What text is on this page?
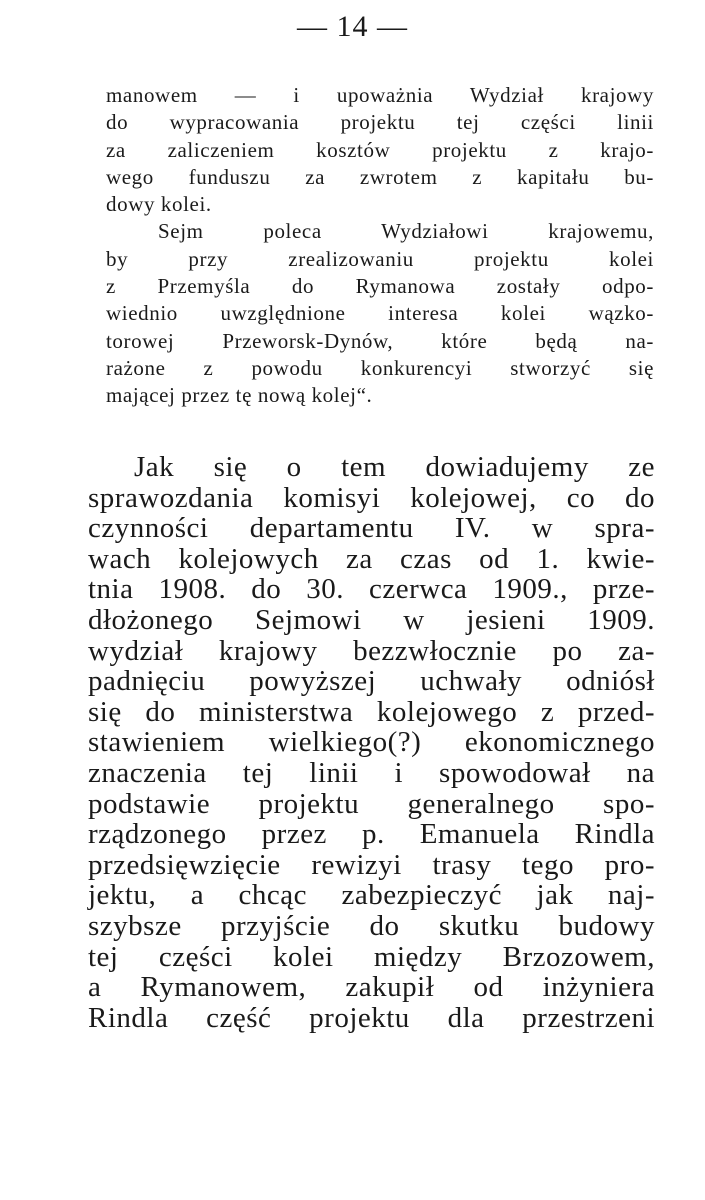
— 14 —
manowem — i upoważnia Wydział krajowy
do wypracowania projektu tej części linii
za zaliczeniem kosztów projektu z krajo-
wego funduszu za zwrotem z kapitału bu-
dowy kolei.
Sejm poleca Wydziałowi krajowemu,
by przy zrealizowaniu projektu kolei
z Przemyśla do Rymanowa zostały odpo-
wiednio uwzględnione interesa kolei wązko-
torowej Przeworsk-Dynów, które będą na-
rażone z powodu konkurencyi stworzyć się
mającej przez tę nową kolej“.
Jak się o tem dowiadujemy ze
sprawozdania komisyi kolejowej, co do
czynności departamentu IV. w spra-
wach kolejowych za czas od 1. kwie-
tnia 1908. do 30. czerwca 1909., prze-
dłożonego Sejmowi w jesieni 1909.
wydział krajowy bezzwłocznie po za-
padnięciu powyższej uchwały odniósł
się do ministerstwa kolejowego z przed-
stawieniem wielkiego(?) ekonomicznego
znaczenia tej linii i spowodował na
podstawie projektu generalnego spo-
rządzonego przez p. Emanuela Rindla
przedsięwzięcie rewizyi trasy tego pro-
jektu, a chcąc zabezpieczyć jak naj-
szybsze przyjście do skutku budowy
tej części kolei między Brzozowem,
a Rymanowem, zakupił od inżyniera
Rindla część projektu dla przestrzeni
